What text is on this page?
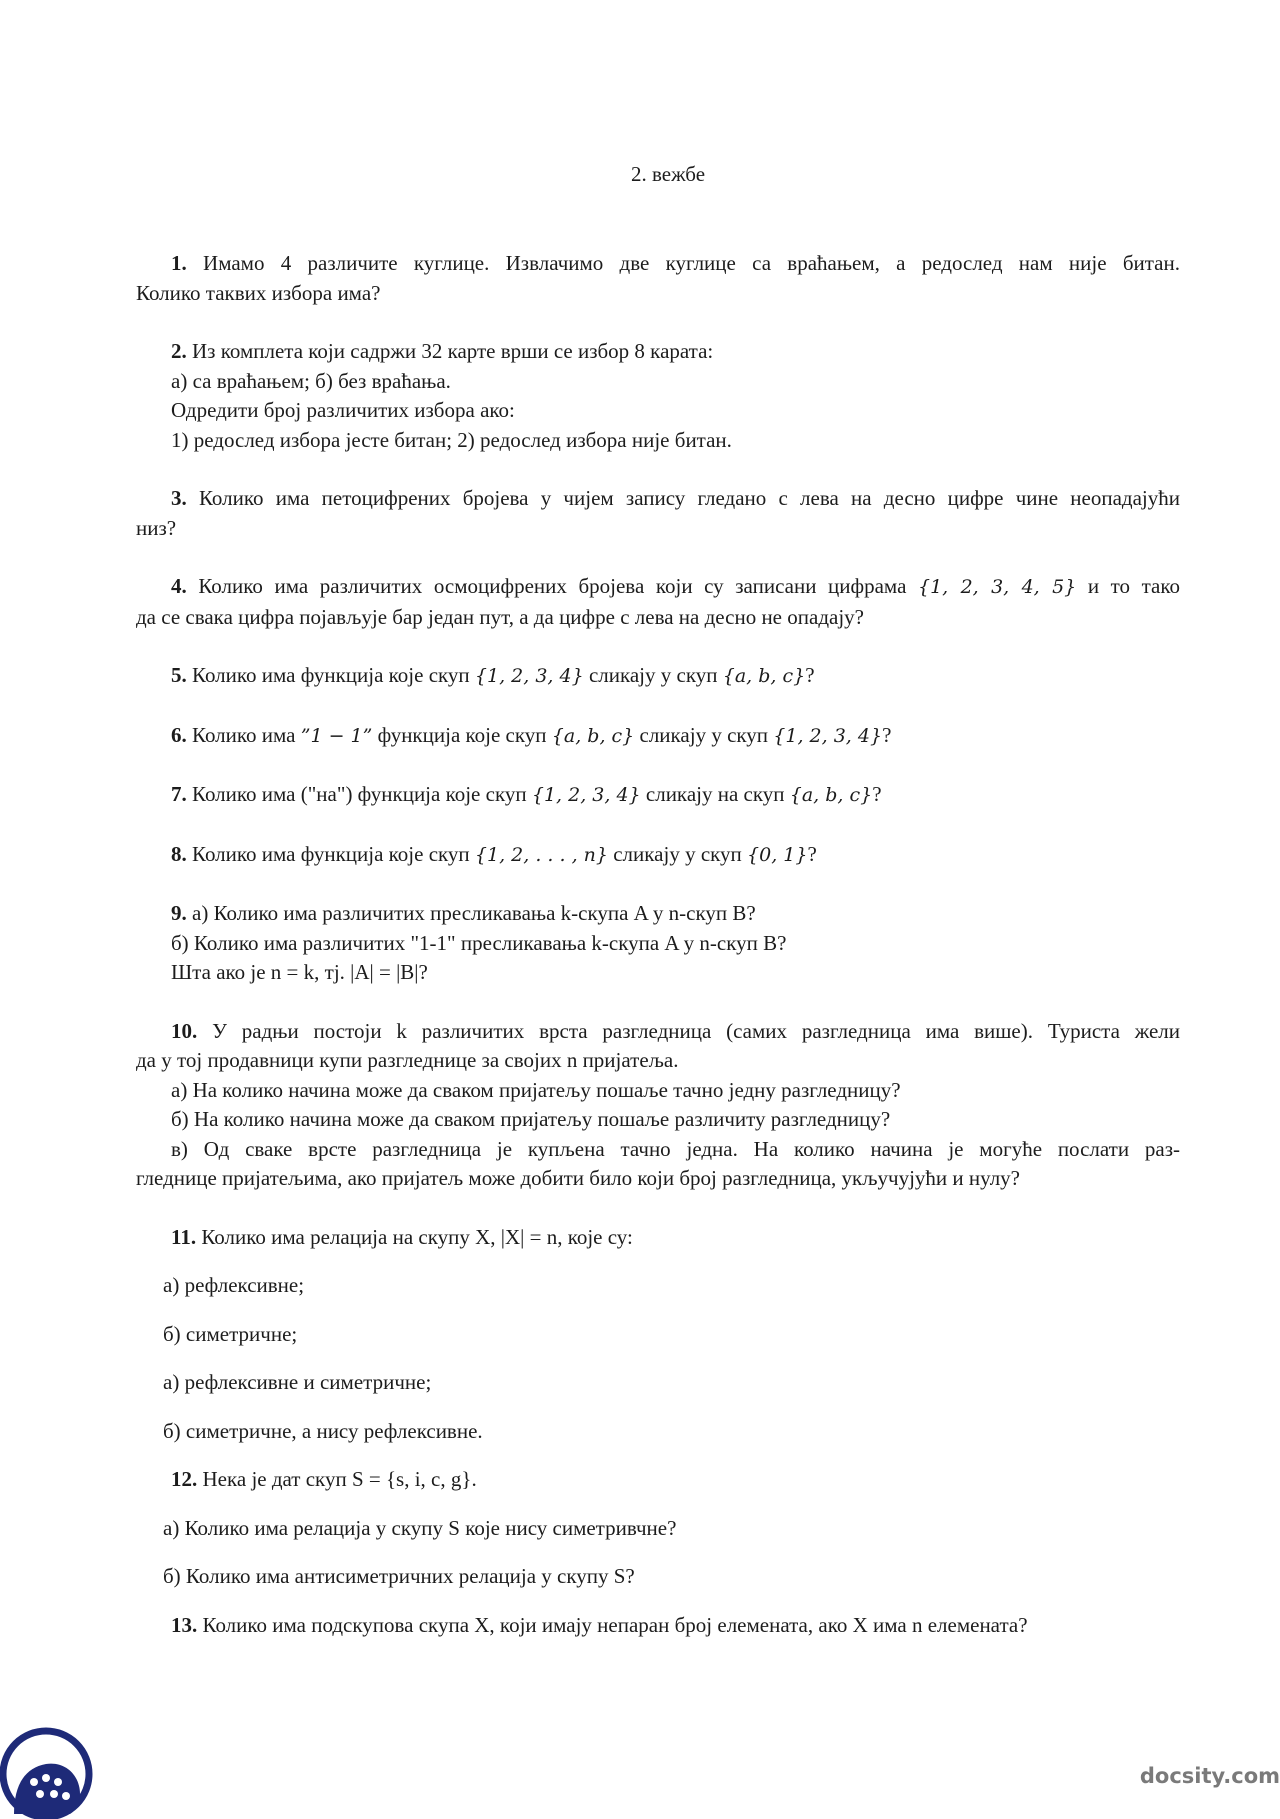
2. вежбе
1. Имамо 4 различите куглице. Извлачимо две куглице са враћањем, а редослед нам није битан.
Колико таквих избора има?
2. Из комплета који садржи 32 карте врши се избор 8 карата:
а) са враћањем; б) без враћања.
Одредити број различитих избора ако:
1) редослед избора јесте битан; 2) редослед избора није битан.
3. Колико има петоцифрених бројева у чијем запису гледано с лева на десно цифре чине неопадајући
низ?
4. Колико има различитих осмоцифрених бројева који су записани цифрама {1, 2, 3, 4, 5} и то тако
да се свака цифра појављује бар један пут, а да цифре с лева на десно не опадају?
5. Колико има функција које скуп {1, 2, 3, 4} сликају у скуп {a, b, c}?
6. Колико има ”1 − 1” функција које скуп {a, b, c} сликају у скуп {1, 2, 3, 4}?
7. Колико има ("на") функција које скуп {1, 2, 3, 4} сликају на скуп {a, b, c}?
8. Колико има функција које скуп {1, 2, . . . , n} сликају у скуп {0, 1}?
9. а) Колико има различитих пресликавања k-скупа A у n-скуп B?
б) Колико има различитих "1-1" пресликавања k-скупа A у n-скуп B?
Шта ако је n = k, тј. |A| = |B|?
10. У радњи постоји k различитих врста разгледница (самих разгледница има више). Туриста жели
да у тој продавници купи разгледнице за својих n пријатеља.
а) На колико начина може да сваком пријатељу пошаље тачно једну разгледницу?
б) На колико начина може да сваком пријатељу пошаље различиту разгледницу?
в) Од сваке врсте разгледница је купљена тачно једна. На колико начина је могуће послати раз-
гледнице пријатељима, ако пријатељ може добити било који број разгледница, укључујући и нулу?
11. Колико има релација на скупу X, |X| = n, које су:
а) рефлексивне;
б) симетричне;
а) рефлексивне и симетричне;
б) симетричне, а нису рефлексивне.
12. Нека је дат скуп S = {s, i, c, g}.
а) Колико има релација у скупу S које нису симетривчне?
б) Колико има антисиметричних релација у скупу S?
13. Колико има подскупова скупа X, који имају непаран број елемената, ако X има n елемената?
docsity.com
